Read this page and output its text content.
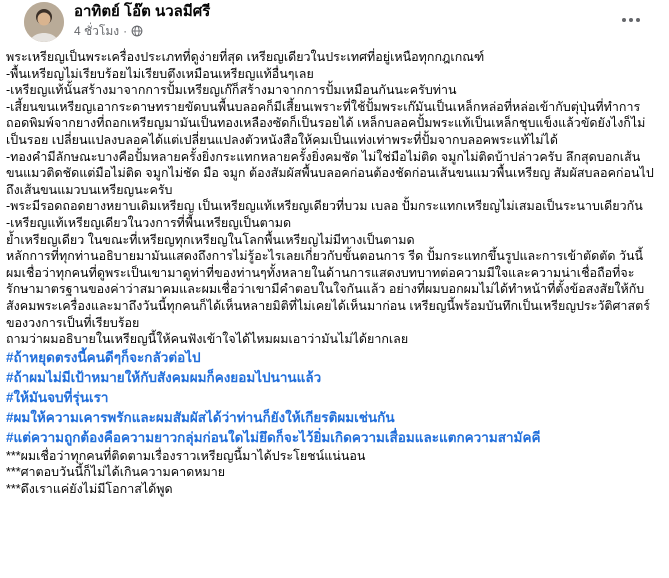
อาทิตย์ โอ๊ต นวลมีศรี
4 ชั่วโมง ·

พระเหรียญเป็นพระเครื่องประเภทที่ดูง่ายที่สุด เหรียญเดียวในประเทศที่อยู่เหนือทุกกฎเกณฑ์

-พื้นเหรียญไม่เรียบร้อยไม่เรียบตึงเหมือนเหรียญแท้อื่นๆเลย

-เหรียญแท้นั้นสร้างมาจากการปั้มเหรียญเก๊ก็สร้างมาจากการปั้มเหมือนกันนะครับท่าน

-เสี้ยนขนเหรียญเอากระดาษทรายขัดบนพื้นบลอคก็มีเสี้ยนเพราะที่ใช้ปั้มพระเก๊มันเป็นเหล็กหล่อที่หล่อเข้ากับตุ่ปุ่นที่ทำการถอดพิมพ์จากยางที่ถอกเหรียญมามันเป็นทองเหลืองซัดก็เป็นรอยได้ เหล็กบลอคปั้มพระแท้เป็นเหล็กชุบแข็งแล้วขัดยังไงก็ไม่เป็นรอย เปลี่ยนแปลงบลอคได้แต่เปลี่ยนแปลงตัวหนังสือให้คมเป็นแท่งเท่าพระที่ปั้มจากบลอคพระแท้ไม่ได้

-ทองคำมีลักษณะบางคือปั้มหลายครั้งยิ่งกระแทกหลายครั้งยิ่งคมชัด ไม่ใช่มือไม่ติด จมูกไม่ติดบ้าปล่าวครับ ลึกสุดบอกเส้นขนแมวติดชัดแต่มือไม่ติด จมูกไม่ชัด มือ จมูก ต้องสัมผัสพื้นบลอคก่อนต้องชัดก่อนเส้นขนแมวพื้นเหรียญ สัมผัสบลอคก่อนไปถึงเส้นขนแมวบนเหรียญนะครับ

-พระมีรอดถอดยางหยาบเดิมเหรียญ เป็นเหรียญแท้เหรียญเดียวที่บวม เบลอ ปั้มกระแทกเหรียญไม่เสมอเป็นระนาบเดียวกัน

-เหรียญแท้เหรียญเดียวในวงการที่พื้นเหรียญเป็นตามด

ย้ำเหรียญเดียว ในขณะที่เหรียญทุกเหรียญในโลกพื้นเหรียญไม่มีทางเป็นตามด

หลักการที่ทุกท่านอธิบายมามันแสดงถึงการไม่รู้อะไรเลยเกี่ยวกับขั้นตอนการ รีด ปั้มกระแทกขึ้นรูปและการเข้าตัดตัด วันนี้ผมเชื่อว่าทุกคนที่ดูพระเป็นเขามาดูท่าที่ของท่านๆทั้งหลายในด้านการแสดงบทบาทต่อความมีใจและความน่าเชื่อถือที่จะรักษามาตรฐานของค่าว่าสมาคมและผมเชื่อว่าเขามีคำตอบในใจกันแล้ว อย่างที่ผมบอกผมไม่ได้ทำหน้าที่ตั้งข้อสงสัยให้กับสังคมพระเครื่องและมาถึงวันนี้ทุกคนก็ได้เห็นหลายมิติที่ไม่เคยได้เห็นมาก่อน เหรียญนี้พร้อมบันทึกเป็นเหรียญประวัติศาสตร์ของวงการเป็นที่เรียบร้อย

ถามว่าผมอธิบายในเหรียญนี้ให้คนฟังเข้าใจได้ไหมผมเอาว่ามันไม่ได้ยากเลย

#ถ้าหยุดตรงนี้คนดีๆก็จะกลัวต่อไป
#ถ้าผมไม่มีเป้าหมายให้กับสังคมผมก็คงยอมไปนานแล้ว
#ให้มันจบที่รุ่นเรา
#ผมให้ความเคารพรักและผมสัมผัสได้ว่าท่านก็ยังให้เกียรติผมเช่นกัน
#แต่ความถูกต้องคือความยาวกลุ่มก่อนใดไม่ยึดก็จะไว้ยิ่มเกิดความเสื่อมและแตกความสามัคคี

***ผมเชื่อว่าทุกคนที่ติดตามเรื่องราวเหรียญนี้มาได้ประโยชน์แน่นอน

***ศาตอบวันนี้ก็ไม่ได้เกินความคาดหมาย

***ดึงเราแค่ยังไม่มีโอกาสได้พูด
